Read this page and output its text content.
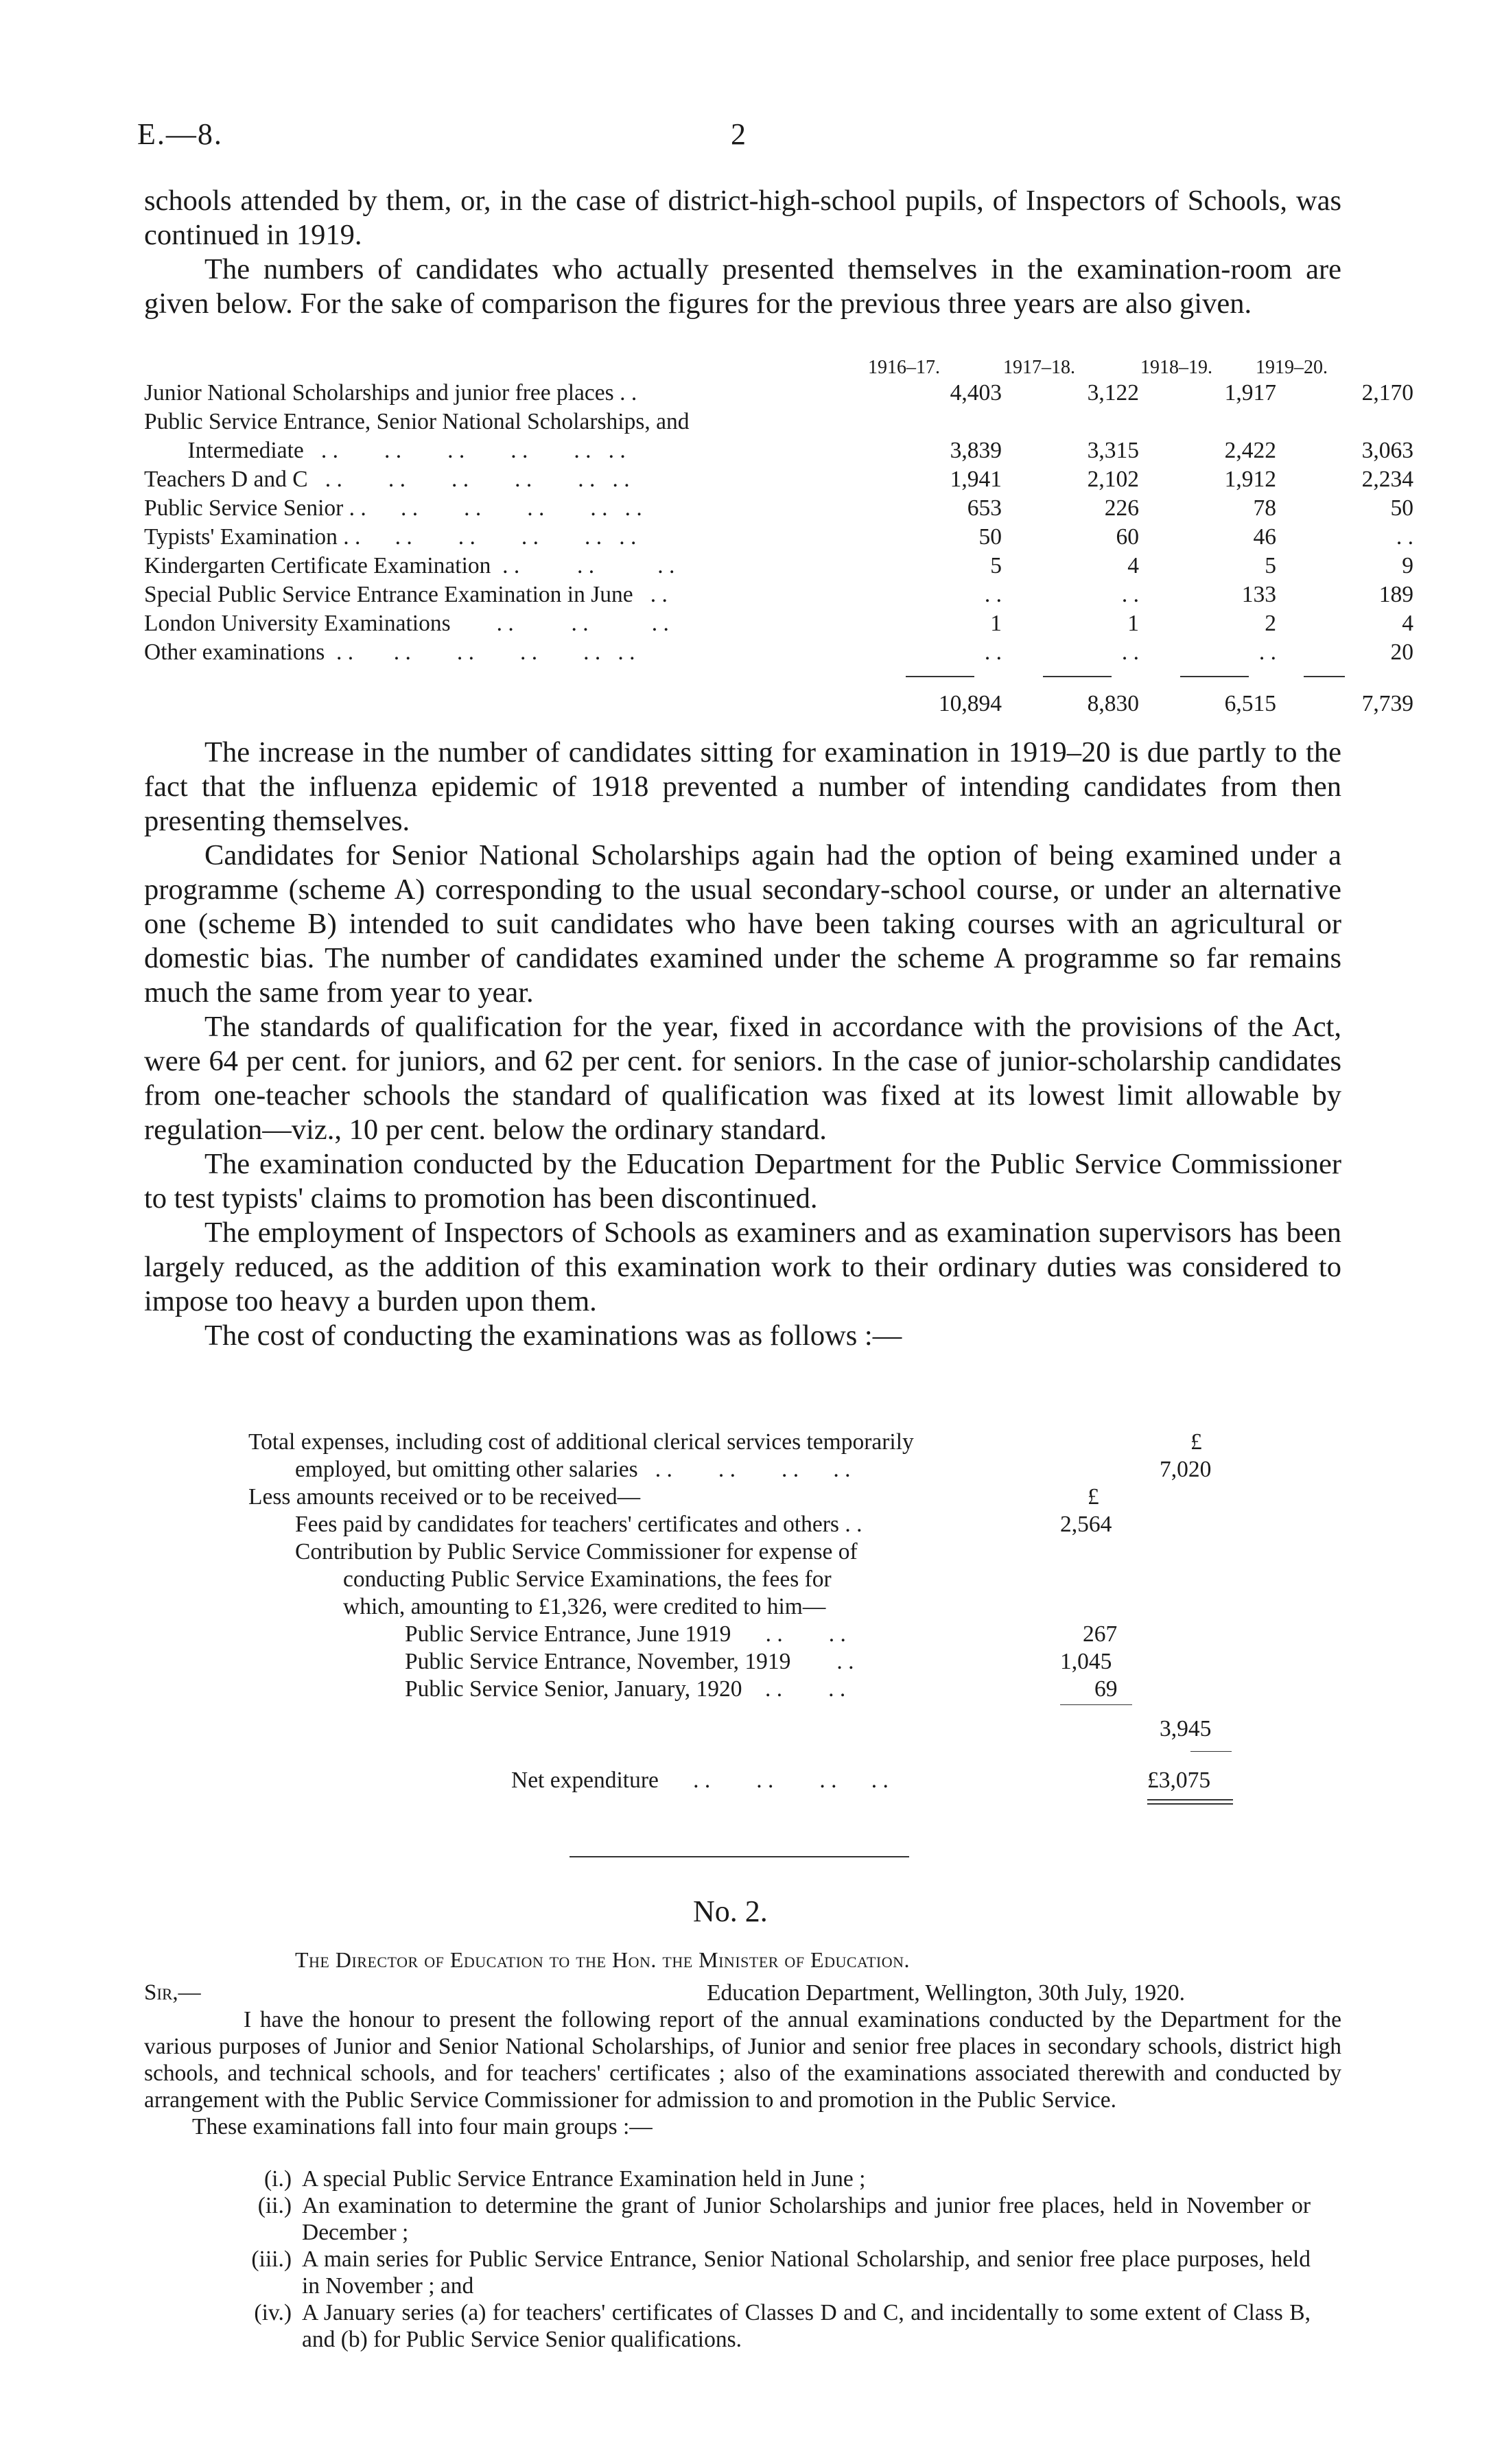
E.—8.	2

schools attended by them, or, in the case of district-high-school pupils, of Inspectors of Schools, was continued in 1919.

The numbers of candidates who actually presented themselves in the examination-room are given below. For the sake of comparison the figures for the previous three years are also given.

1916–17.	1917–18.	1918–19. 1919–20.
Junior National Scholarships and junior free places . .	4,403	3,122	1,917	2,170
Public Service Entrance, Senior National Scholarships, and
Intermediate   . .        . .        . .        . .        . .   . .	3,839	3,315	2,422	3,063
Teachers D and C   . .        . .        . .        . .        . .   . .	1,941	2,102	1,912	2,234
Public Service Senior . .      . .        . .        . .        . .   . .	653	226	78	50
Typists' Examination . .      . .        . .        . .        . .   . .	50	60	46	. .
Kindergarten Certificate Examination  . .          . .           . .	5	4	5	9
Special Public Service Entrance Examination in June   . .	. .	. .	133	189
London University Examinations        . .          . .           . .	1	1	2	4
Other examinations  . .       . .        . .        . .        . .   . .	. .	. .	. .	20
10,894	8,830	6,515	7,739

The increase in the number of candidates sitting for examination in 1919–20 is due partly to the fact that the influenza epidemic of 1918 prevented a number of intending candidates from then presenting themselves.

Candidates for Senior National Scholarships again had the option of being examined under a programme (scheme A) corresponding to the usual secondary-school course, or under an alternative one (scheme B) intended to suit candidates who have been taking courses with an agricultural or domestic bias. The number of candidates examined under the scheme A programme so far remains much the same from year to year.

The standards of qualification for the year, fixed in accordance with the provisions of the Act, were 64 per cent. for juniors, and 62 per cent. for seniors. In the case of junior-scholarship candidates from one-teacher schools the standard of qualification was fixed at its lowest limit allowable by regulation—viz., 10 per cent. below the ordinary standard.

The examination conducted by the Education Department for the Public Service Commissioner to test typists' claims to promotion has been discontinued.

The employment of Inspectors of Schools as examiners and as examination supervisors has been largely reduced, as the addition of this examination work to their ordinary duties was considered to impose too heavy a burden upon them.

The cost of conducting the examinations was as follows :—

Total expenses, including cost of additional clerical services temporarily	£
employed, but omitting other salaries   . .        . .        . .      . .	7,020
Less amounts received or to be received—	£
Fees paid by candidates for teachers' certificates and others . .	2,564
Contribution by Public Service Commissioner for expense of
conducting Public Service Examinations, the fees for
which, amounting to £1,326, were credited to him—
Public Service Entrance, June 1919      . .        . .	267
Public Service Entrance, November, 1919        . .	1,045
Public Service Senior, January, 1920    . .        . .	69
3,945
Net expenditure      . .        . .        . .      . .	£3,075
No. 2.
The Director of Education to the Hon. the Minister of Education.
Sir,—	Education Department, Wellington, 30th July, 1920.

I have the honour to present the following report of the annual examinations conducted by the Department for the various purposes of Junior and Senior National Scholarships, of Junior and senior free places in secondary schools, district high schools, and technical schools, and for teachers' certificates ; also of the examinations associated therewith and conducted by arrangement with the Public Service Commissioner for admission to and promotion in the Public Service.

These examinations fall into four main groups :—

(i.) A special Public Service Entrance Examination held in June ;
(ii.) An examination to determine the grant of Junior Scholarships and junior free places, held in November or December ;
(iii.) A main series for Public Service Entrance, Senior National Scholarship, and senior free place purposes, held in November ; and
(iv.) A January series (a) for teachers' certificates of Classes D and C, and incidentally to some extent of Class B, and (b) for Public Service Senior qualifications.
